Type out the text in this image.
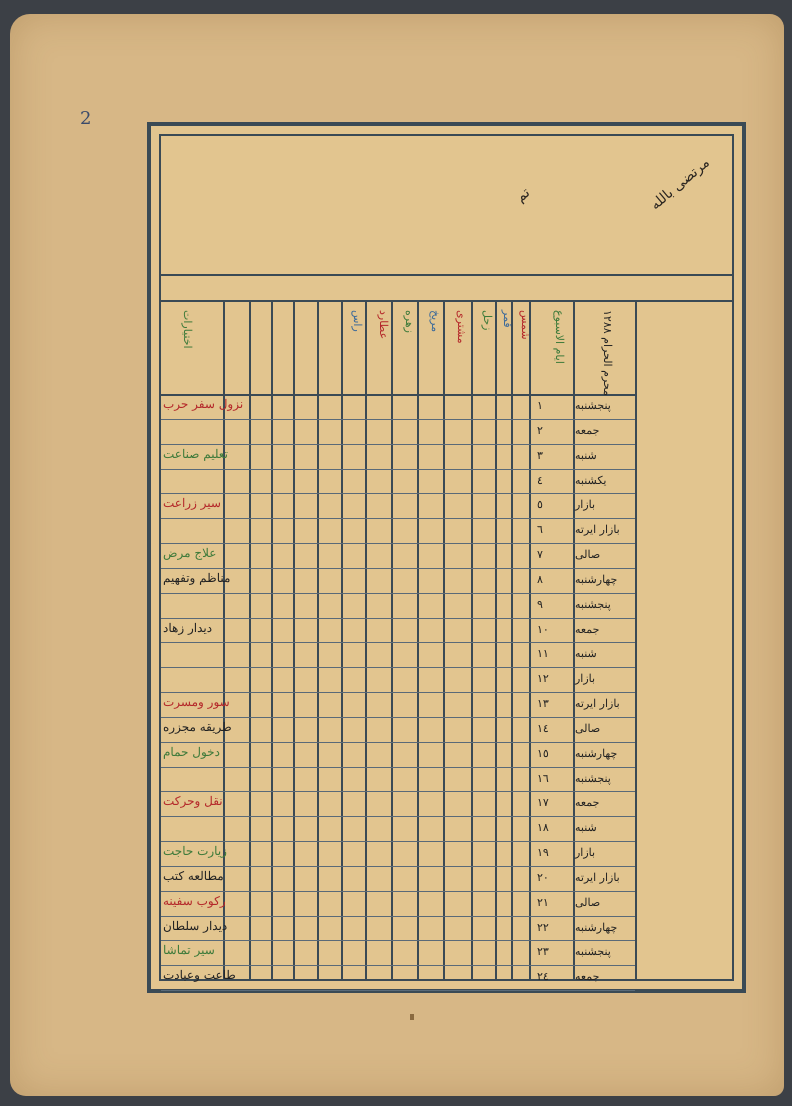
2
مرتضى بالله
تم
محرم الحرام ١٢٨٨
ایام الاسبوع
شمس
قمر
زحل
مشتری
مریخ
زهره
عطارد
راس
اختیارات
پنجشنبه
١
نزول سفر حرب
جمعه
٢
شنبه
٣
تعلیم صناعت
یکشنبه
٤
بازار
٥
سیر زراعت
بازار ایرته
٦
صالی
٧
علاج مرض
چهارشنبه
٨
مناظم وتفهیم
پنجشنبه
٩
جمعه
١٠
دیدار زهاد
شنبه
١١
بازار
١٢
بازار ایرته
١٣
سور ومسرت
صالی
١٤
طریقه مجزره
چهارشنبه
١٥
دخول حمام
پنجشنبه
١٦
جمعه
١٧
نقل وحرکت
شنبه
١٨
بازار
١٩
زیارت حاجت
بازار ایرته
٢٠
مطالعه کتب
صالی
٢١
رکوب سفینه
چهارشنبه
٢٢
دیدار سلطان
پنجشنبه
٢٣
سیر تماشا
جمعه
٢٤
طاعت وعبادت
